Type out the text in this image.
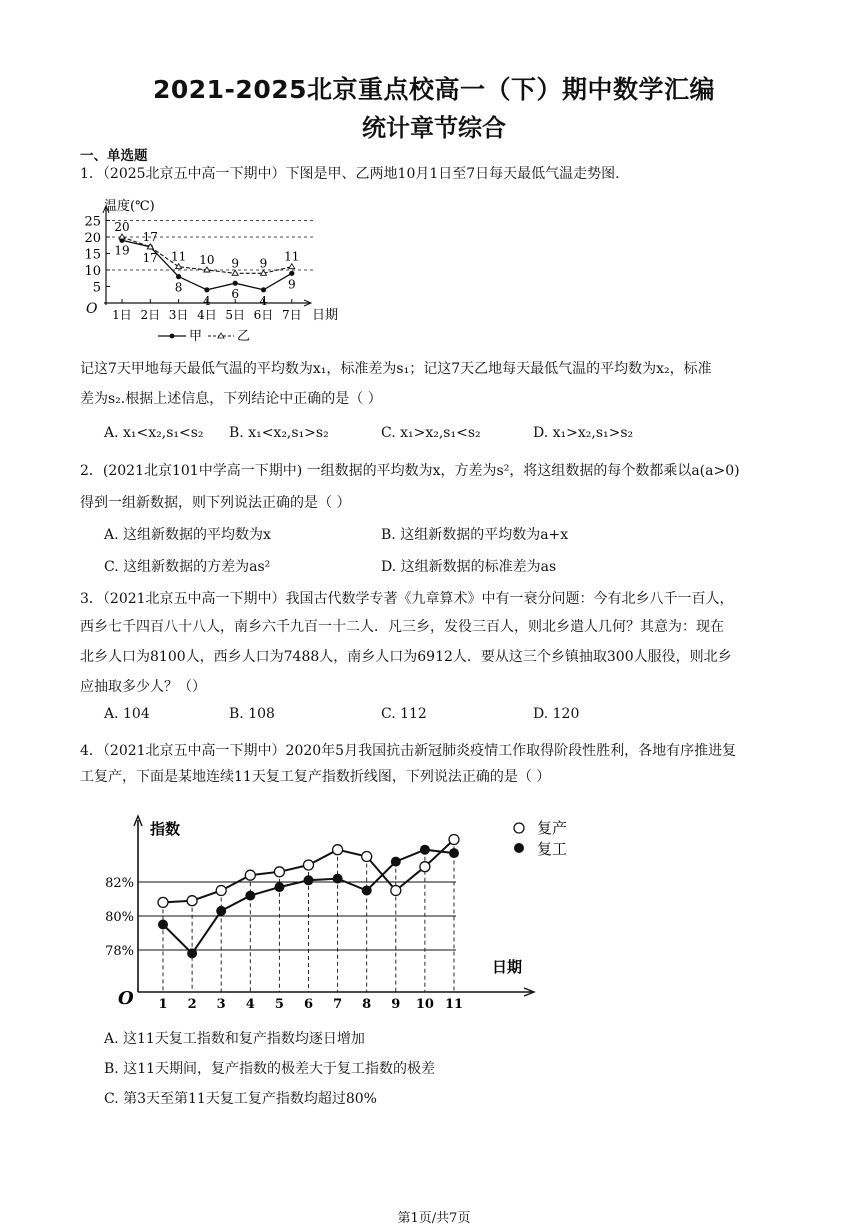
2021-2025北京重点校高一（下）期中数学汇编
统计章节综合
一、单选题
1．（2025北京五中高一下期中）下图是甲、乙两地10月1日至7日每天最低气温走势图.
温度(℃)
日期
O
5
10
15
20
25
1日 2日 3日 4日 5日 6日 7日
19
17
8
4 6 4
9
20
17
11 10 9 9 11
甲	乙
记这7天甲地每天最低气温的平均数为x₁，标准差为s₁；记这7天乙地每天最低气温的平均数为x₂，标准
差为s₂.根据上述信息，下列结论中正确的是（ ）
A. x₁<x₂,s₁<s₂ B. x₁<x₂,s₁>s₂	C. x₁>x₂,s₁<s₂	D. x₁>x₂,s₁>s₂
2．(2021北京101中学高一下期中) 一组数据的平均数为x，方差为s²，将这组数据的每个数都乘以a(a>0)
得到一组新数据，则下列说法正确的是（ ）
A. 这组新数据的平均数为x	B. 这组新数据的平均数为a+x
C. 这组新数据的方差为as²	D. 这组新数据的标准差为as
3．（2021北京五中高一下期中）我国古代数学专著《九章算术》中有一衰分问题：今有北乡八千一百人，
西乡七千四百八十八人，南乡六千九百一十二人．凡三乡，发役三百人，则北乡遣人几何？其意为：现在
北乡人口为8100人，西乡人口为7488人，南乡人口为6912人．要从这三个乡镇抽取300人服役，则北乡
应抽取多少人？（）
A. 104	B. 108	C. 112	D. 120
4．（2021北京五中高一下期中）2020年5月我国抗击新冠肺炎疫情工作取得阶段性胜利，各地有序推进复
工复产，下面是某地连续11天复工复产指数折线图，下列说法正确的是（ ）
指数
日期
O
78%
80%
82%
1 2 3 4 5 6 7 8 9 10 11
复产
复工
A. 这11天复工指数和复产指数均逐日增加
B. 这11天期间，复产指数的极差大于复工指数的极差
C. 第3天至第11天复工复产指数均超过80%
第1页/共7页
